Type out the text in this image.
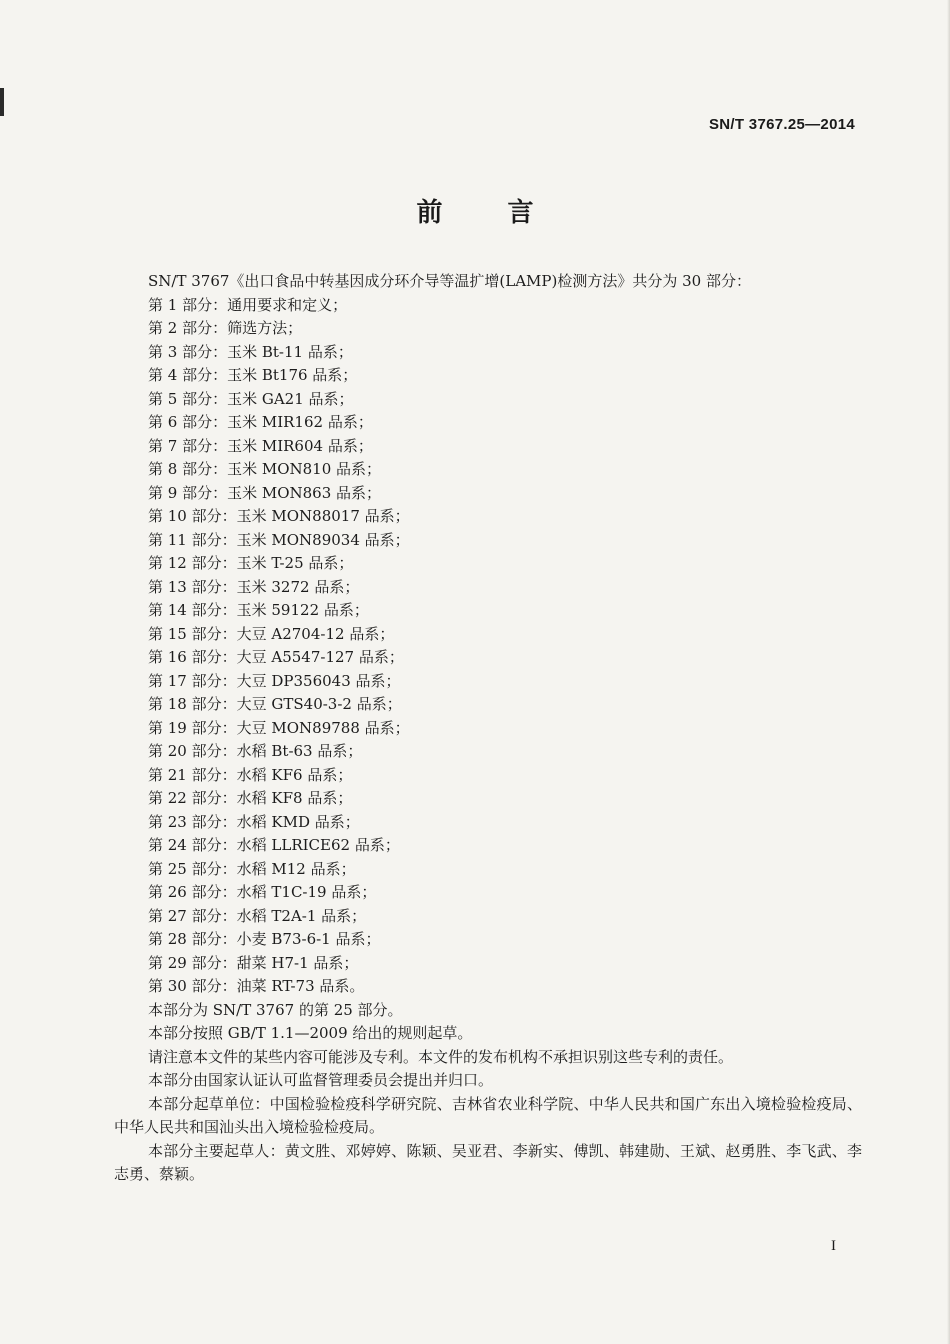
SN/T 3767.25—2014
前 言

SN/T 3767《出口食品中转基因成分环介导等温扩增(LAMP)检测方法》共分为 30 部分：

第 1 部分：通用要求和定义；

第 2 部分：筛选方法；

第 3 部分：玉米 Bt-11 品系；

第 4 部分：玉米 Bt176 品系；

第 5 部分：玉米 GA21 品系；

第 6 部分：玉米 MIR162 品系；

第 7 部分：玉米 MIR604 品系；

第 8 部分：玉米 MON810 品系；

第 9 部分：玉米 MON863 品系；

第 10 部分：玉米 MON88017 品系；

第 11 部分：玉米 MON89034 品系；

第 12 部分：玉米 T-25 品系；

第 13 部分：玉米 3272 品系；

第 14 部分：玉米 59122 品系；

第 15 部分：大豆 A2704-12 品系；

第 16 部分：大豆 A5547-127 品系；

第 17 部分：大豆 DP356043 品系；

第 18 部分：大豆 GTS40-3-2 品系；

第 19 部分：大豆 MON89788 品系；

第 20 部分：水稻 Bt-63 品系；

第 21 部分：水稻 KF6 品系；

第 22 部分：水稻 KF8 品系；

第 23 部分：水稻 KMD 品系；

第 24 部分：水稻 LLRICE62 品系；

第 25 部分：水稻 M12 品系；

第 26 部分：水稻 T1C-19 品系；

第 27 部分：水稻 T2A-1 品系；

第 28 部分：小麦 B73-6-1 品系；

第 29 部分：甜菜 H7-1 品系；

第 30 部分：油菜 RT-73 品系。

本部分为 SN/T 3767 的第 25 部分。

本部分按照 GB/T 1.1—2009 给出的规则起草。

请注意本文件的某些内容可能涉及专利。本文件的发布机构不承担识别这些专利的责任。

本部分由国家认证认可监督管理委员会提出并归口。

本部分起草单位：中国检验检疫科学研究院、吉林省农业科学院、中华人民共和国广东出入境检验检疫局、中华人民共和国汕头出入境检验检疫局。

本部分主要起草人：黄文胜、邓婷婷、陈颖、吴亚君、李新实、傅凯、韩建勋、王斌、赵勇胜、李飞武、李志勇、蔡颖。

I
